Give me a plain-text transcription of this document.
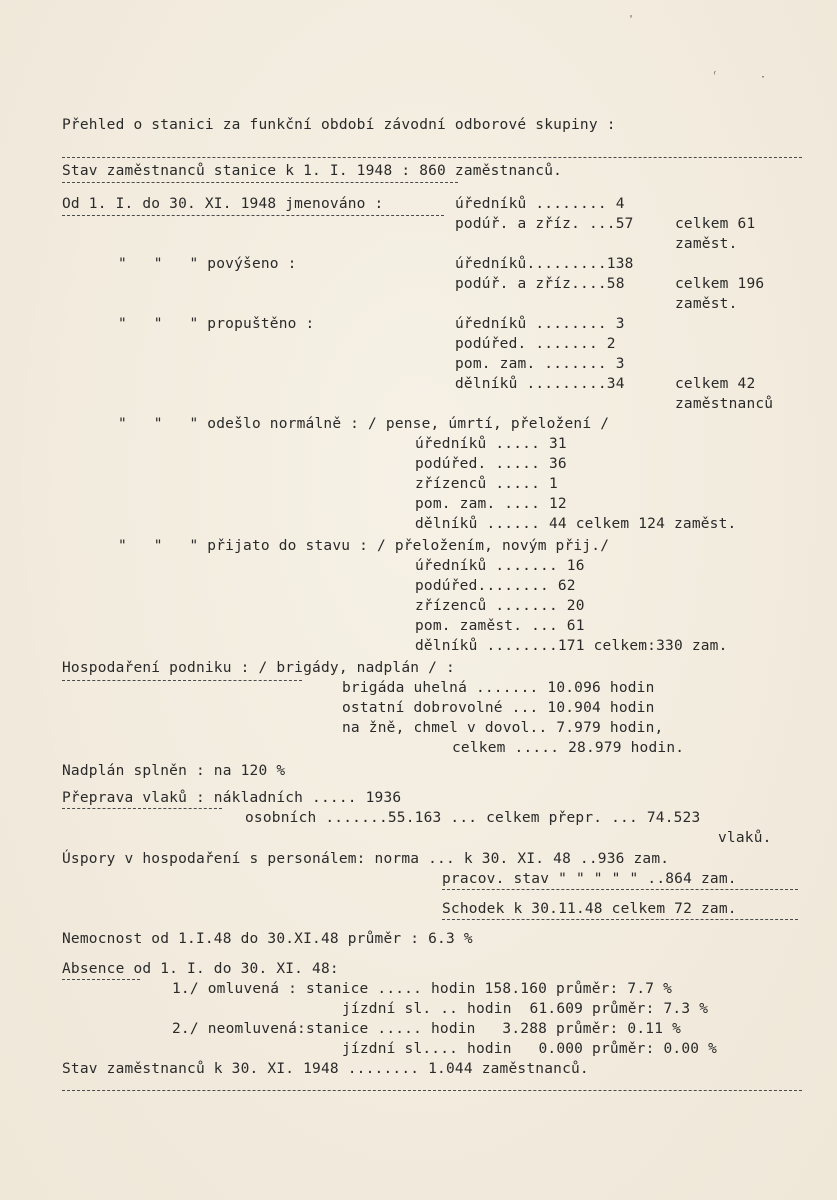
'
ʳ	·
Přehled o stanici za funkční období závodní odborové skupiny :
Stav zaměstnanců stanice k 1. I. 1948 : 860 zaměstnanců.
Od 1. I. do 30. XI. 1948 jmenováno :	úředníků ........ 4
podúř. a zříz. ...57	celkem 61
zaměst.
"   "   " povýšeno :	úředníků.........138
podúř. a zříz....58	celkem 196
zaměst.
"   "   " propuštěno :	úředníků ........ 3
podúřed. ....... 2
pom. zam. ....... 3
dělníků .........34	celkem 42
zaměstnanců
"   "   " odešlo normálně : / pense, úmrtí, přeložení /
úředníků ..... 31
podúřed. ..... 36
zřízenců ..... 1
pom. zam. .... 12
dělníků ...... 44 celkem 124 zaměst.
"   "   " přijato do stavu : / přeložením, novým přij./
úředníků ....... 16
podúřed........ 62
zřízenců ....... 20
pom. zaměst. ... 61
dělníků ........171 celkem:330 zam.
Hospodaření podniku : / brigády, nadplán / :
brigáda uhelná ....... 10.096 hodin
ostatní dobrovolné ... 10.904 hodin
na žně, chmel v dovol.. 7.979 hodin,
celkem ..... 28.979 hodin.
Nadplán splněn : na 120 %
Přeprava vlaků : nákladních ..... 1936
osobních .......55.163 ... celkem přepr. ... 74.523
vlaků.
Úspory v hospodaření s personálem: norma ... k 30. XI. 48 ..936 zam.
pracov. stav " " " " " ..864 zam.
Schodek k 30.11.48 celkem 72 zam.
Nemocnost od 1.I.48 do 30.XI.48 průměr : 6.3 %
Absence od 1. I. do 30. XI. 48:
1./ omluvená : stanice ..... hodin 158.160 průměr: 7.7 %
jízdní sl. .. hodin  61.609 průměr: 7.3 %
2./ neomluvená:stanice ..... hodin   3.288 průměr: 0.11 %
jízdní sl.... hodin   0.000 průměr: 0.00 %
Stav zaměstnanců k 30. XI. 1948 ........ 1.044 zaměstnanců.
